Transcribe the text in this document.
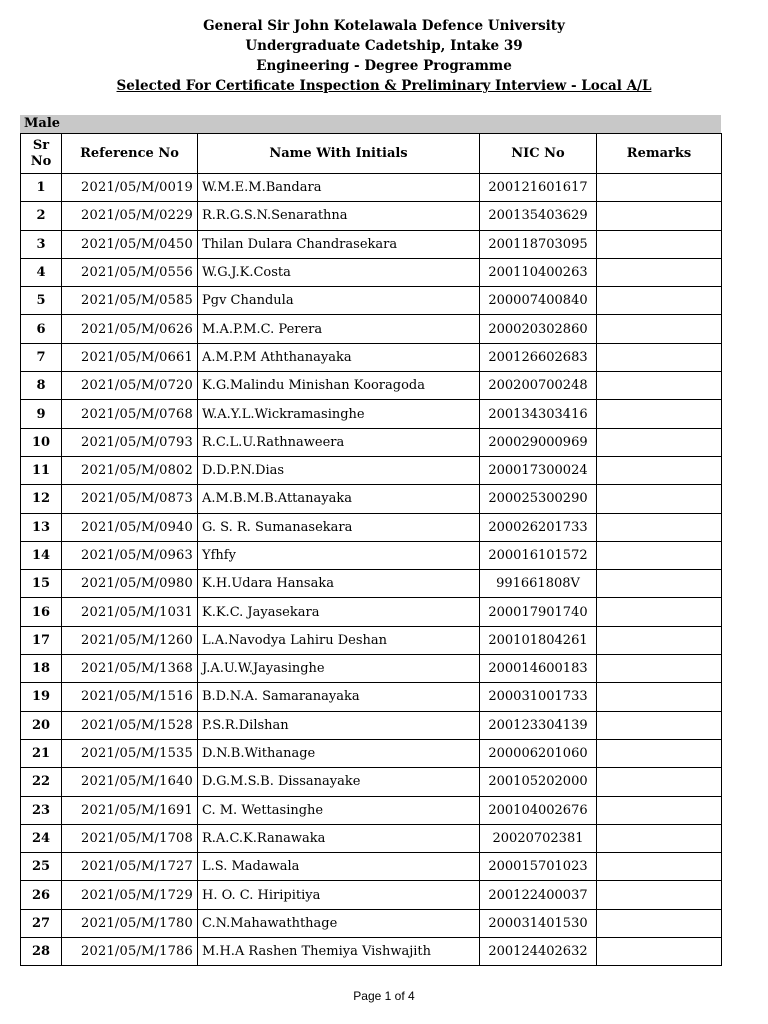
General Sir John Kotelawala Defence University
Undergraduate Cadetship, Intake 39
Engineering - Degree Programme
Selected For Certificate Inspection & Preliminary Interview - Local A/L
Male
Sr
No	Reference No	Name With Initials	NIC No	Remarks
1	2021/05/M/0019	W.M.E.M.Bandara	200121601617	
2	2021/05/M/0229	R.R.G.S.N.Senarathna	200135403629	
3	2021/05/M/0450	Thilan Dulara Chandrasekara	200118703095	
4	2021/05/M/0556	W.G.J.K.Costa	200110400263	
5	2021/05/M/0585	Pgv Chandula	200007400840	
6	2021/05/M/0626	M.A.P.M.C. Perera	200020302860	
7	2021/05/M/0661	A.M.P.M Aththanayaka	200126602683	
8	2021/05/M/0720	K.G.Malindu Minishan Kooragoda	200200700248	
9	2021/05/M/0768	W.A.Y.L.Wickramasinghe	200134303416	
10	2021/05/M/0793	R.C.L.U.Rathnaweera	200029000969	
11	2021/05/M/0802	D.D.P.N.Dias	200017300024	
12	2021/05/M/0873	A.M.B.M.B.Attanayaka	200025300290	
13	2021/05/M/0940	G. S. R. Sumanasekara	200026201733	
14	2021/05/M/0963	Yfhfy	200016101572	
15	2021/05/M/0980	K.H.Udara Hansaka	991661808V	
16	2021/05/M/1031	K.K.C. Jayasekara	200017901740	
17	2021/05/M/1260	L.A.Navodya Lahiru Deshan	200101804261	
18	2021/05/M/1368	J.A.U.W.Jayasinghe	200014600183	
19	2021/05/M/1516	B.D.N.A. Samaranayaka	200031001733	
20	2021/05/M/1528	P.S.R.Dilshan	200123304139	
21	2021/05/M/1535	D.N.B.Withanage	200006201060	
22	2021/05/M/1640	D.G.M.S.B. Dissanayake	200105202000	
23	2021/05/M/1691	C. M. Wettasinghe	200104002676	
24	2021/05/M/1708	R.A.C.K.Ranawaka	20020702381	
25	2021/05/M/1727	L.S. Madawala	200015701023	
26	2021/05/M/1729	H. O. C. Hiripitiya	200122400037	
27	2021/05/M/1780	C.N.Mahawaththage	200031401530	
28	2021/05/M/1786	M.H.A Rashen Themiya Vishwajith	200124402632	
Page 1 of 4
